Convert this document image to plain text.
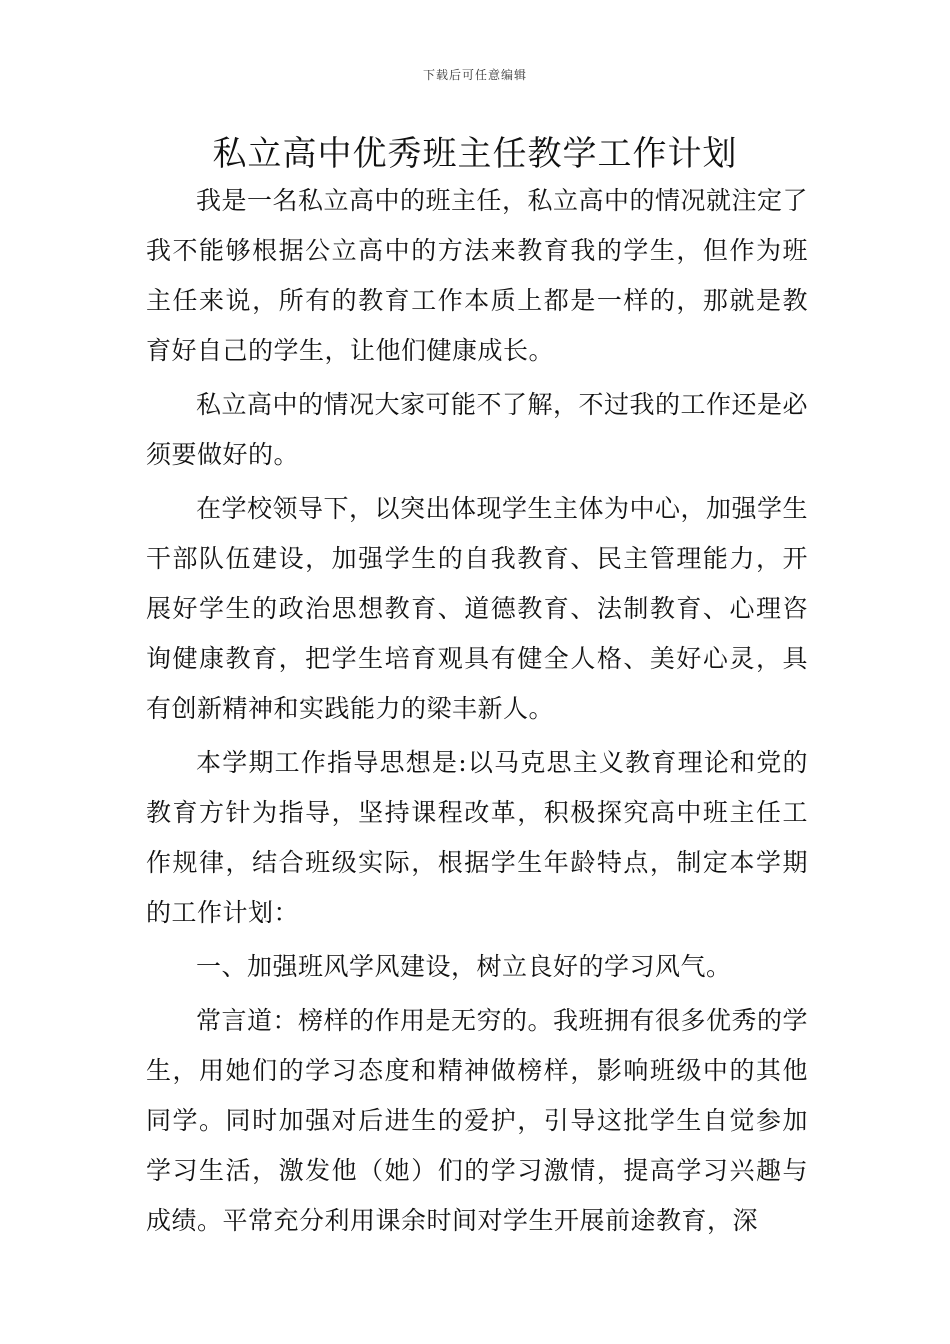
下载后可任意编辑
私立高中优秀班主任教学工作计划

我是一名私立高中的班主任，私立高中的情况就注定了我不能够根据公立高中的方法来教育我的学生，但作为班主任来说，所有的教育工作本质上都是一样的，那就是教育好自己的学生，让他们健康成长。

私立高中的情况大家可能不了解，不过我的工作还是必须要做好的。

在学校领导下，以突出体现学生主体为中心，加强学生干部队伍建设，加强学生的自我教育、民主管理能力，开展好学生的政治思想教育、道德教育、法制教育、心理咨询健康教育，把学生培育观具有健全人格、美好心灵，具有创新精神和实践能力的梁丰新人。

本学期工作指导思想是:以马克思主义教育理论和党的教育方针为指导，坚持课程改革，积极探究高中班主任工作规律，结合班级实际，根据学生年龄特点，制定本学期的工作计划：

一、加强班风学风建设，树立良好的学习风气。

常言道：榜样的作用是无穷的。我班拥有很多优秀的学生，用她们的学习态度和精神做榜样，影响班级中的其他同学。同时加强对后进生的爱护，引导这批学生自觉参加学习生活，激发他（她）们的学习激情，提高学习兴趣与成绩。平常充分利用课余时间对学生开展前途教育，深
